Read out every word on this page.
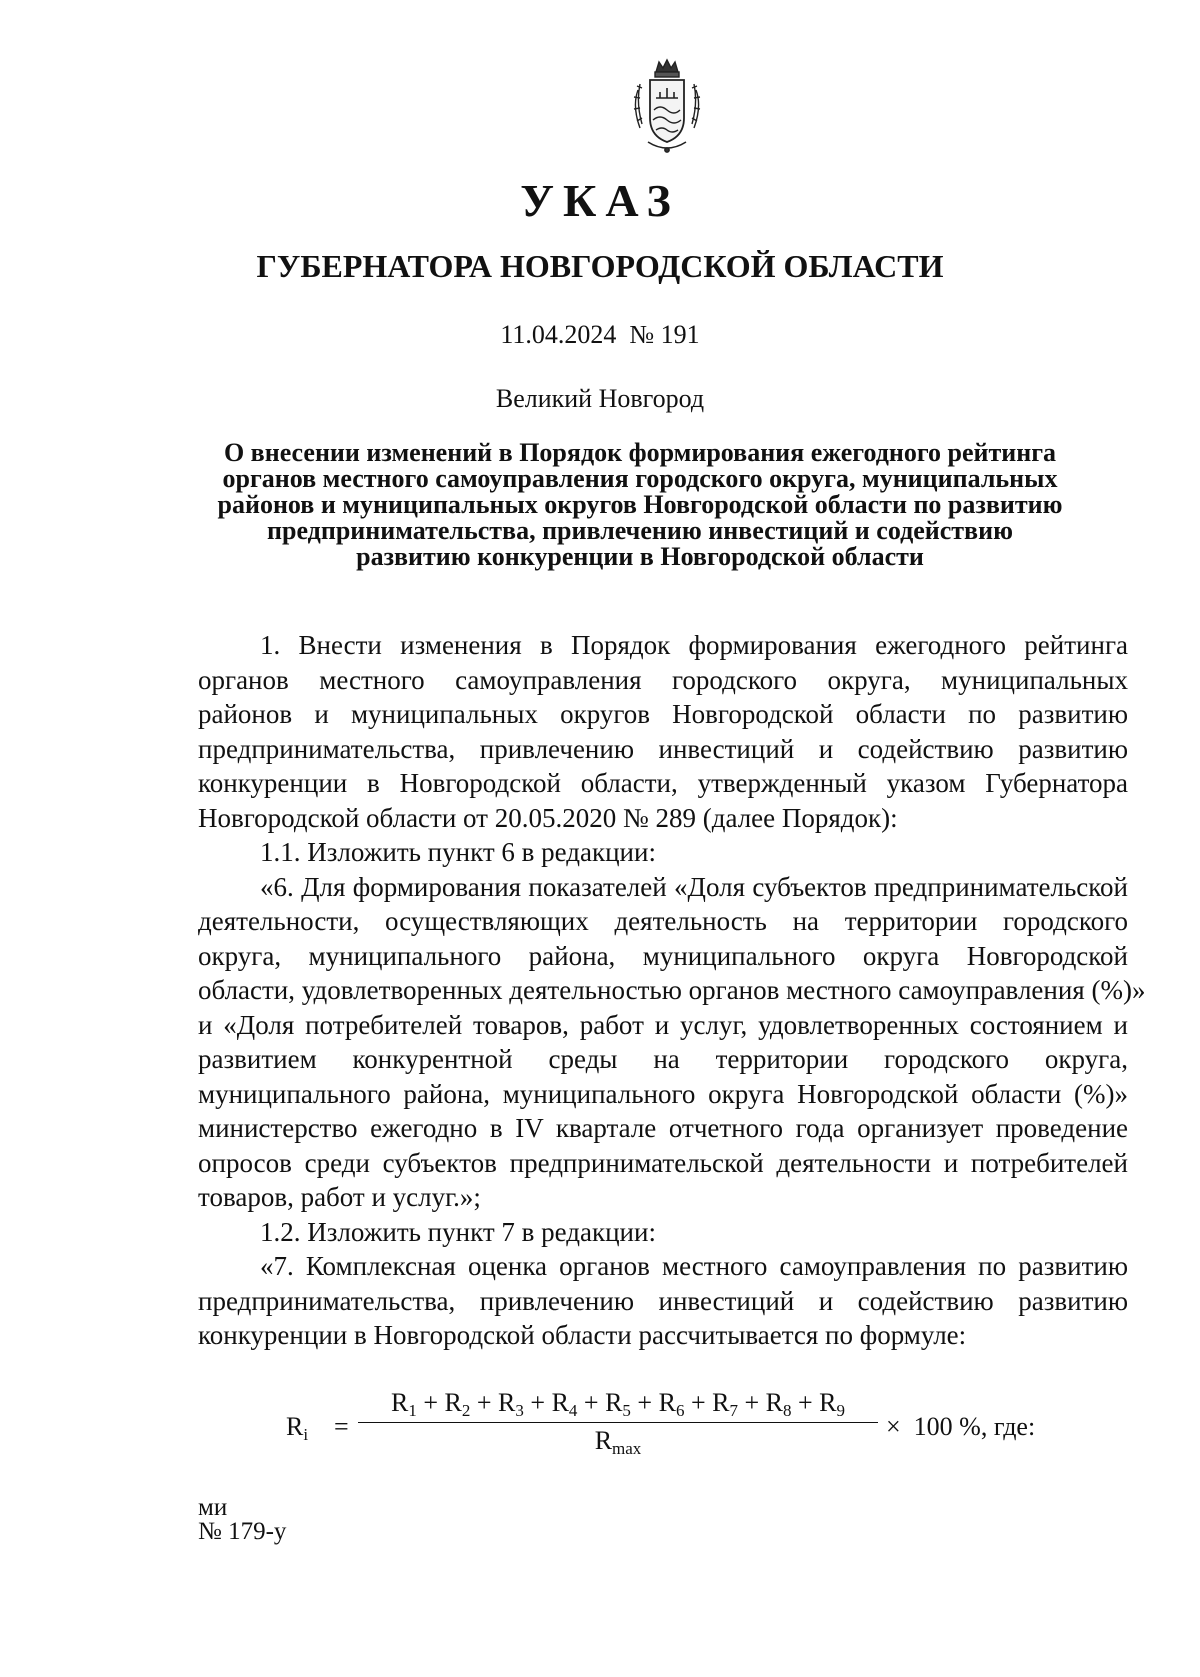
УКАЗ
ГУБЕРНАТОРА НОВГОРОДСКОЙ ОБЛАСТИ
11.04.2024 № 191
Великий Новгород
О внесении изменений в Порядок формирования ежегодного рейтинга
органов местного самоуправления городского округа, муниципальных
районов и муниципальных округов Новгородской области по развитию
предпринимательства, привлечению инвестиций и содействию
развитию конкуренции в Новгородской области
1. Внести изменения в Порядок формирования ежегодного рейтинга
органов местного самоуправления городского округа, муниципальных
районов и муниципальных округов Новгородской области по развитию
предпринимательства, привлечению инвестиций и содействию развитию
конкуренции в Новгородской области, утвержденный указом Губернатора
Новгородской области от 20.05.2020 № 289 (далее Порядок):
1.1. Изложить пункт 6 в редакции:
«6. Для формирования показателей «Доля субъектов предпринимательской
деятельности, осуществляющих деятельность на территории городского
округа, муниципального района, муниципального округа Новгородской
области, удовлетворенных деятельностью органов местного самоуправления (%)»
и «Доля потребителей товаров, работ и услуг, удовлетворенных состоянием и
развитием конкурентной среды на территории городского округа,
муниципального района, муниципального округа Новгородской области (%)»
министерство ежегодно в IV квартале отчетного года организует проведение
опросов среди субъектов предпринимательской деятельности и потребителей
товаров, работ и услуг.»;
1.2. Изложить пункт 7 в редакции:
«7. Комплексная оценка органов местного самоуправления по развитию
предпринимательства, привлечению инвестиций и содействию развитию
конкуренции в Новгородской области рассчитывается по формуле:
$R_i$ =
$R_1 + R_2 + R_3 + R_4 + R_5 + R_6 + R_7 + R_8 + R_9$
$R_{max}$
×  100 %, где:
ми
№ 179-у
